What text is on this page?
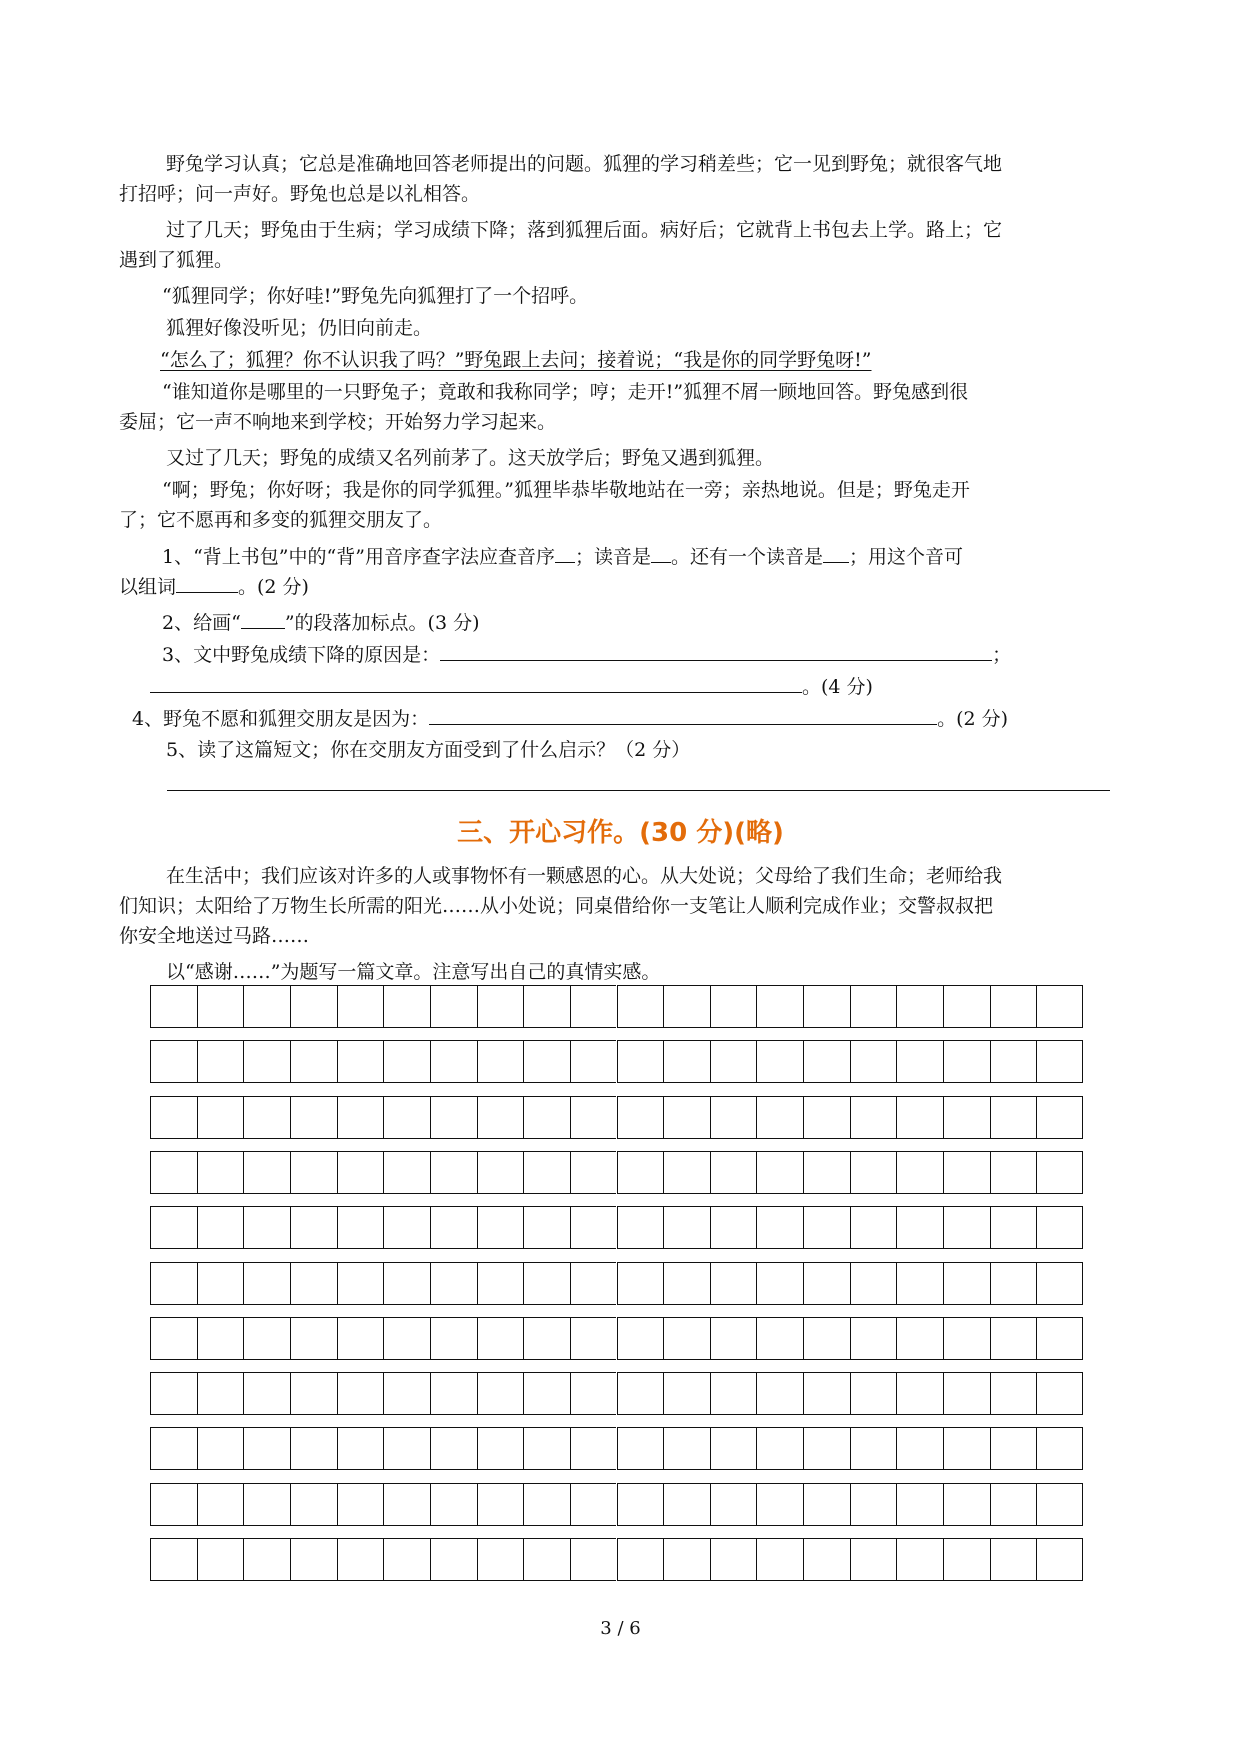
野兔学习认真；它总是准确地回答老师提出的问题。狐狸的学习稍差些；它一见到野兔；就很客气地
打招呼；问一声好。野兔也总是以礼相答。
过了几天；野兔由于生病；学习成绩下降；落到狐狸后面。病好后；它就背上书包去上学。路上；它
遇到了狐狸。
“狐狸同学；你好哇!”野兔先向狐狸打了一个招呼。
狐狸好像没听见；仍旧向前走。
“怎么了；狐狸？你不认识我了吗？”野兔跟上去问；接着说；“我是你的同学野兔呀!”
“谁知道你是哪里的一只野兔子；竟敢和我称同学；哼；走开!”狐狸不屑一顾地回答。野兔感到很
委屈；它一声不响地来到学校；开始努力学习起来。
又过了几天；野兔的成绩又名列前茅了。这天放学后；野兔又遇到狐狸。
“啊；野兔；你好呀；我是你的同学狐狸。”狐狸毕恭毕敬地站在一旁；亲热地说。但是；野兔走开
了；它不愿再和多变的狐狸交朋友了。
1、“背上书包”中的“背”用音序查字法应查音序 ；读音是 。还有一个读音是 ；用这个音可
以组词	。(2 分)
2、给画“ ”的段落加标点。(3 分)
3、文中野兔成绩下降的原因是：	；
。(4 分)
4、野兔不愿和狐狸交朋友是因为：	。(2 分)
5、读了这篇短文；你在交朋友方面受到了什么启示？（2 分）
三、开心习作。(30 分)(略)
在生活中；我们应该对许多的人或事物怀有一颗感恩的心。从大处说；父母给了我们生命；老师给我
们知识；太阳给了万物生长所需的阳光……从小处说；同桌借给你一支笔让人顺利完成作业；交警叔叔把
你安全地送过马路……
以“感谢……”为题写一篇文章。注意写出自己的真情实感。
3 / 6
